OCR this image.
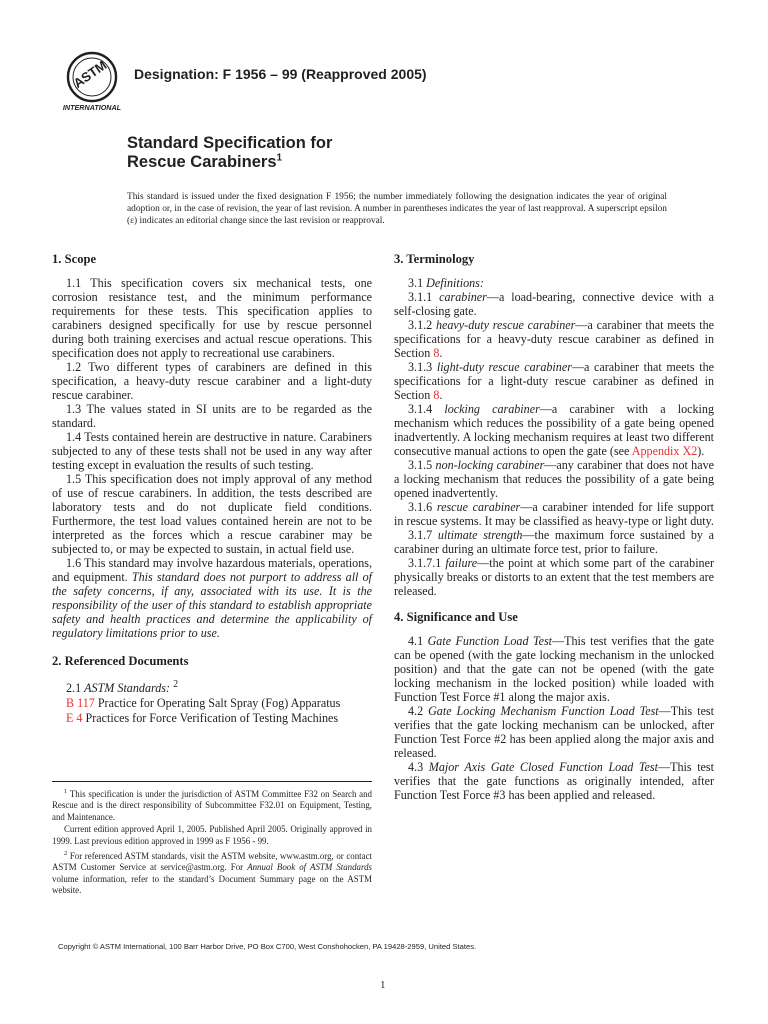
ASTM
INTERNATIONAL
Designation: F 1956 – 99 (Reapproved 2005)
Standard Specification for
Rescue Carabiners$^1$
This standard is issued under the fixed designation F 1956; the number immediately following the designation indicates the year of original adoption or, in the case of revision, the year of last revision. A number in parentheses indicates the year of last reapproval. A superscript epsilon (ε) indicates an editorial change since the last revision or reapproval.
1. Scope

1.1 This specification covers six mechanical tests, one corrosion resistance test, and the minimum performance requirements for these tests. This specification applies to carabiners designed specifically for use by rescue personnel during both training exercises and actual rescue operations. This specification does not apply to recreational use carabiners.

1.2 Two different types of carabiners are defined in this specification, a heavy-duty rescue carabiner and a light-duty rescue carabiner.

1.3 The values stated in SI units are to be regarded as the standard.

1.4 Tests contained herein are destructive in nature. Carabiners subjected to any of these tests shall not be used in any way after testing except in evaluation the results of such testing.

1.5 This specification does not imply approval of any method of use of rescue carabiners. In addition, the tests described are laboratory tests and do not duplicate field conditions. Furthermore, the test load values contained herein are not to be interpreted as the forces which a rescue carabiner may be subjected to, or may be expected to sustain, in actual field use.

1.6 This standard may involve hazardous materials, operations, and equipment. This standard does not purport to address all of the safety concerns, if any, associated with its use. It is the responsibility of the user of this standard to establish appropriate safety and health practices and determine the applicability of regulatory limitations prior to use.

2. Referenced Documents

2.1 ASTM Standards: $^2$

B 117 Practice for Operating Salt Spray (Fog) Apparatus
E 4 Practices for Force Verification of Testing Machines

$^1$ This specification is under the jurisdiction of ASTM Committee F32 on Search and Rescue and is the direct responsibility of Subcommittee F32.01 on Equipment, Testing, and Maintenance.

Current edition approved April 1, 2005. Published April 2005. Originally approved in 1999. Last previous edition approved in 1999 as F 1956 - 99.

$^2$ For referenced ASTM standards, visit the ASTM website, www.astm.org, or contact ASTM Customer Service at service@astm.org. For Annual Book of ASTM Standards volume information, refer to the standard’s Document Summary page on the ASTM website.

3. Terminology

3.1 Definitions:

3.1.1 carabiner—a load-bearing, connective device with a self-closing gate.

3.1.2 heavy-duty rescue carabiner—a carabiner that meets the specifications for a heavy-duty rescue carabiner as defined in Section 8.

3.1.3 light-duty rescue carabiner—a carabiner that meets the specifications for a light-duty rescue carabiner as defined in Section 8.

3.1.4 locking carabiner—a carabiner with a locking mechanism which reduces the possibility of a gate being opened inadvertently. A locking mechanism requires at least two different consecutive manual actions to open the gate (see Appendix X2).

3.1.5 non-locking carabiner—any carabiner that does not have a locking mechanism that reduces the possibility of a gate being opened inadvertently.

3.1.6 rescue carabiner—a carabiner intended for life support in rescue systems. It may be classified as heavy-type or light duty.

3.1.7 ultimate strength—the maximum force sustained by a carabiner during an ultimate force test, prior to failure.

3.1.7.1 failure—the point at which some part of the carabiner physically breaks or distorts to an extent that the test members are released.

4. Significance and Use

4.1 Gate Function Load Test—This test verifies that the gate can be opened (with the gate locking mechanism in the unlocked position) and that the gate can not be opened (with the gate locking mechanism in the locked position) while loaded with Function Test Force #1 along the major axis.

4.2 Gate Locking Mechanism Function Load Test—This test verifies that the gate locking mechanism can be unlocked, after Function Test Force #2 has been applied along the major axis and released.

4.3 Major Axis Gate Closed Function Load Test—This test verifies that the gate functions as originally intended, after Function Test Force #3 has been applied and released.

Copyright © ASTM International, 100 Barr Harbor Drive, PO Box C700, West Conshohocken, PA 19428-2959, United States.
1
